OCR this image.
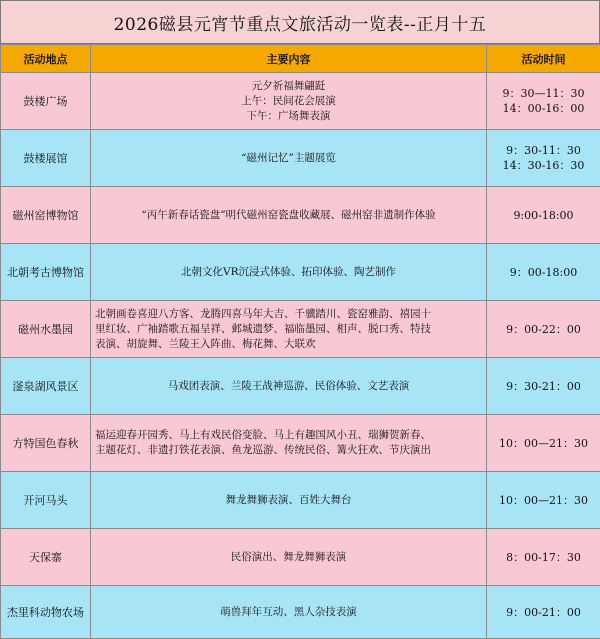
2026磁县元宵节重点文旅活动一览表--正月十五
活动地点	主要内容	活动时间
鼓楼广场	元夕祈福舞翩跹
上午：民间花会展演
下午：广场舞表演	9：30—11：30
14：00-16：00

鼓楼展馆	“磁州记忆”主题展览	9：30-11：30
14：30-16：30

磁州窑博物馆	“丙午新春话瓷盘”明代磁州窑瓷盘收藏展、磁州窑非遗制作体验	9:00-18:00

北朝考古博物馆	北朝文化VR沉浸式体验、拓印体验、陶艺制作	9：00-18:00

磁州水墨园	北朝画卷喜迎八方客、龙腾四喜马年大吉、千骥踏川、瓷窑雅韵、禧园十
里红妆、广袖踏歌五福呈祥、邺城遗梦、福临墨园、相声、脱口秀、特技
表演、胡旋舞、兰陵王入阵曲、梅花舞、大联欢	9：00-22：00

滏泉湖风景区	马戏团表演、兰陵王战神巡游、民俗体验、文艺表演	9：30-21：00

方特国色春秋	福运迎春开园秀、马上有戏民俗变脸、马上有趣国风小丑、瑞狮贺新春、
主题花灯、非遗打铁花表演、鱼龙巡游、传统民俗、篝火狂欢、节庆演出	10：00—21：30

开河马头	舞龙舞狮表演、百姓大舞台	10：00—21：30

天保寨	民俗演出、舞龙舞狮表演	8：00-17：30

杰里科动物农场	萌兽拜年互动、黑人杂技表演	9：00-21：00
